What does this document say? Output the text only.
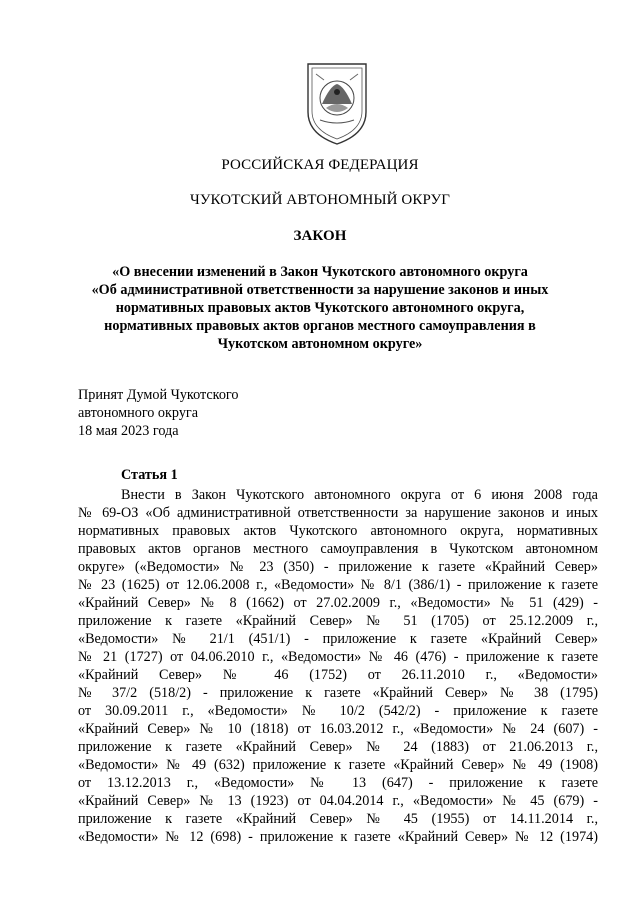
РОССИЙСКАЯ ФЕДЕРАЦИЯ
ЧУКОТСКИЙ АВТОНОМНЫЙ ОКРУГ
ЗАКОН
«О внесении изменений в Закон Чукотского автономного округа
«Об административной ответственности за нарушение законов и иных
нормативных правовых актов Чукотского автономного округа,
нормативных правовых актов органов местного самоуправления в
Чукотском автономном округе»
Принят Думой Чукотского
автономного округа
18 мая 2023 года
Статья 1
Внести в Закон Чукотского автономного округа от 6 июня 2008 года
№ 69-ОЗ «Об административной ответственности за нарушение законов и иных
нормативных правовых актов Чукотского автономного округа, нормативных
правовых актов органов местного самоуправления в Чукотском автономном
округе» («Ведомости» № 23 (350) - приложение к газете «Крайний Север»
№ 23 (1625) от 12.06.2008 г., «Ведомости» № 8/1 (386/1) - приложение к газете
«Крайний Север» № 8 (1662) от 27.02.2009 г., «Ведомости» № 51 (429) -
приложение к газете «Крайний Север» № 51 (1705) от 25.12.2009 г.,
«Ведомости» № 21/1 (451/1) - приложение к газете «Крайний Север»
№ 21 (1727) от 04.06.2010 г., «Ведомости» № 46 (476) - приложение к газете
«Крайний Север» № 46 (1752) от 26.11.2010 г., «Ведомости»
№ 37/2 (518/2) - приложение к газете «Крайний Север» № 38 (1795)
от 30.09.2011 г., «Ведомости» № 10/2 (542/2) - приложение к газете
«Крайний Север» № 10 (1818) от 16.03.2012 г., «Ведомости» № 24 (607) -
приложение к газете «Крайний Север» № 24 (1883) от 21.06.2013 г.,
«Ведомости» № 49 (632) приложение к газете «Крайний Север» № 49 (1908)
от 13.12.2013 г., «Ведомости» № 13 (647) - приложение к газете
«Крайний Север» № 13 (1923) от 04.04.2014 г., «Ведомости» № 45 (679) -
приложение к газете «Крайний Север» № 45 (1955) от 14.11.2014 г.,
«Ведомости» № 12 (698) - приложение к газете «Крайний Север» № 12 (1974)
